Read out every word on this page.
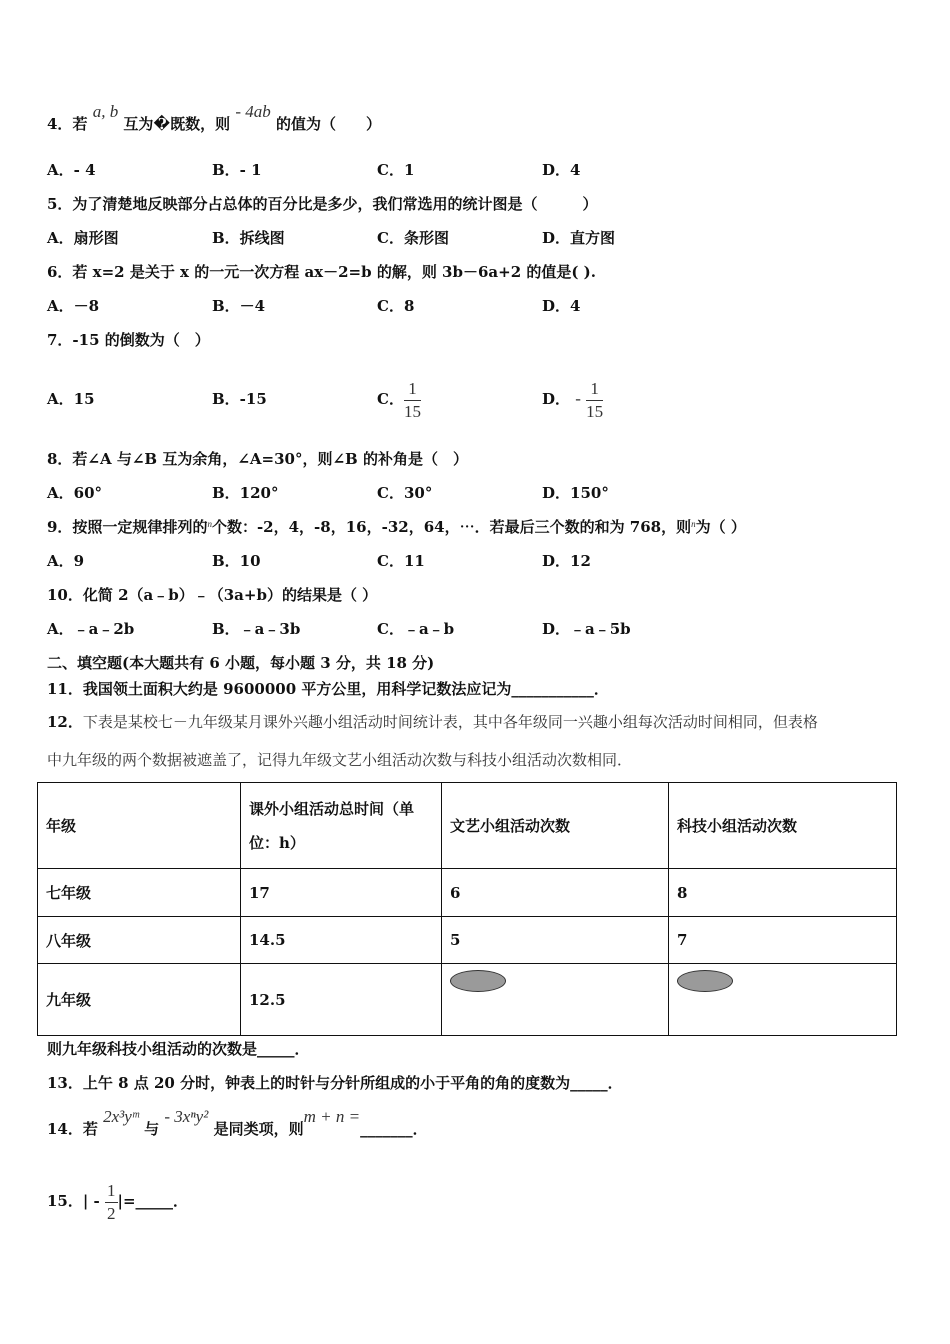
4．若 a, b 互为�既数，则 - 4ab 的值为（　　）
A．- 4	B．- 1	C．1	D．4
5．为了清楚地反映部分占总体的百分比是多少，我们常选用的统计图是（　　　）
A．扇形图	B．拆线图	C．条形图	D．直方图
6．若 x=2 是关于 x 的一元一次方程 ax－2=b 的解，则 3b－6a+2 的值是( ).
A．－8	B．－4	C．8	D．4
7．-15 的倒数为（　）
A．15	B．-15	C． $\frac{1}{15}$	D． - $\frac{1}{15}$
8．若∠A 与∠B 互为余角，∠A=30°，则∠B 的补角是（　）
A．60°	B．120°	C．30°	D．150°
9．按照一定规律排列的$^n$个数：-2，4，-8，16，-32，64，⋯．若最后三个数的和为 768，则$^n$为（ ）
A．9	B．10	C．11	D．12
10．化简 2（a﹣b）﹣（3a+b）的结果是（ ）
A．﹣a﹣2b	B．﹣a﹣3b	C．﹣a﹣b	D．﹣a﹣5b
二、填空题(本大题共有 6 小题，每小题 3 分，共 18 分)
11．我国领土面积大约是 9600000 平方公里，用科学记数法应记为___________．
12．下表是某校七－九年级某月课外兴趣小组活动时间统计表，其中各年级同一兴趣小组每次活动时间相同，但表格
中九年级的两个数据被遮盖了，记得九年级文艺小组活动次数与科技小组活动次数相同．
年级	课外小组活动总时间（单位：h）	文艺小组活动次数	科技小组活动次数
七年级	17	6	8
八年级	14.5	5	7
九年级	12.5		
则九年级科技小组活动的次数是_____．
13．上午 8 点 20 分时，钟表上的时针与分针所组成的小于平角的角的度数为_____．
14．若 2x³yᵐ 与 - 3xⁿy² 是同类项，则m + n =_______．
15．| - $\frac{1}{2}$ |=_____．
